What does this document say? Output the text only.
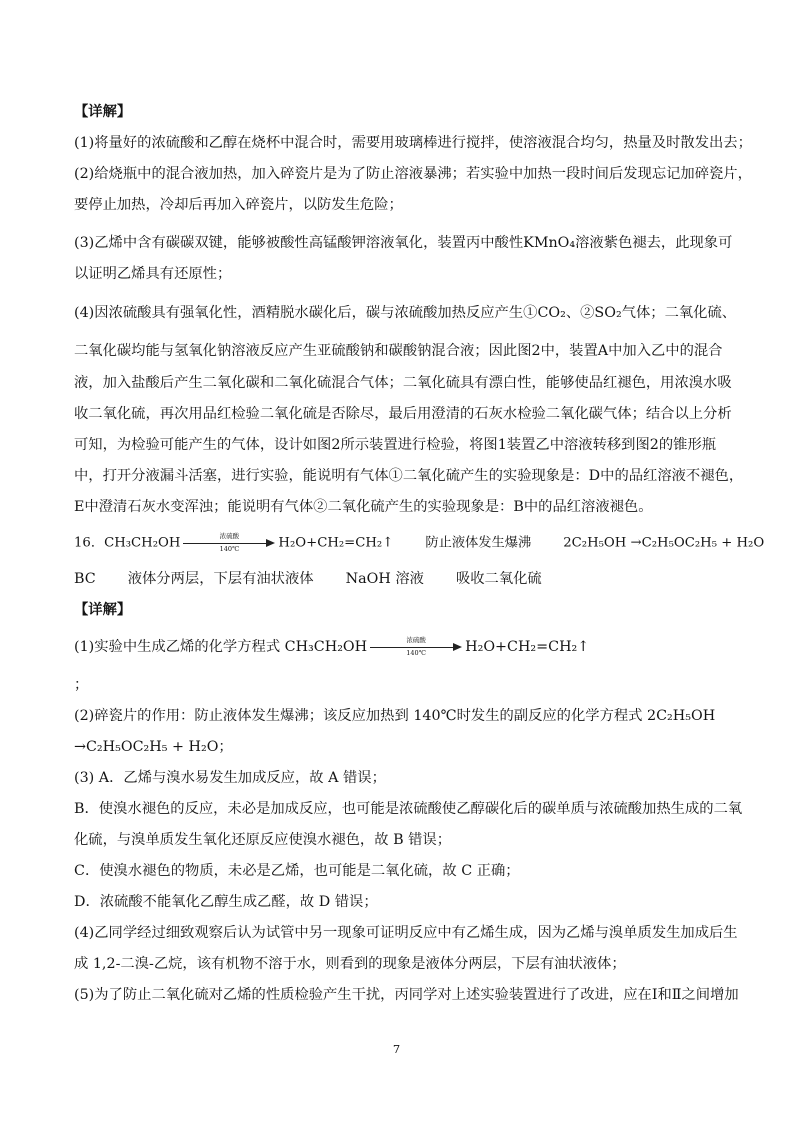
【详解】
(1)将量好的浓硫酸和乙醇在烧杯中混合时，需要用玻璃棒进行搅拌，使溶液混合均匀，热量及时散发出去；
(2)给烧瓶中的混合液加热，加入碎瓷片是为了防止溶液暴沸；若实验中加热一段时间后发现忘记加碎瓷片，
要停止加热，冷却后再加入碎瓷片，以防发生危险；
(3)乙烯中含有碳碳双键，能够被酸性高锰酸钾溶液氧化，装置丙中酸性KMnO₄溶液紫色褪去，此现象可
以证明乙烯具有还原性；
(4)因浓硫酸具有强氧化性，酒精脱水碳化后，碳与浓硫酸加热反应产生①CO₂、②SO₂气体；二氧化硫、
二氧化碳均能与氢氧化钠溶液反应产生亚硫酸钠和碳酸钠混合液；因此图2中，装置A中加入乙中的混合
液，加入盐酸后产生二氧化碳和二氧化硫混合气体；二氧化硫具有漂白性，能够使品红褪色，用浓溴水吸
收二氧化硫，再次用品红检验二氧化硫是否除尽，最后用澄清的石灰水检验二氧化碳气体；结合以上分析
可知，为检验可能产生的气体，设计如图2所示装置进行检验，将图1装置乙中溶液转移到图2的锥形瓶
中，打开分液漏斗活塞，进行实验，能说明有气体①二氧化硫产生的实验现象是：D中的品红溶液不褪色，
E中澄清石灰水变浑浊；能说明有气体②二氧化硫产生的实验现象是：B中的品红溶液褪色。
16．CH₃CH₂OH	浓硫酸
140℃	H₂O+CH₂=CH₂↑ 防止液体发生爆沸 2C₂H₅OH →C₂H₅OC₂H₅ + H₂O
BC 液体分两层，下层有油状液体 NaOH 溶液 吸收二氧化硫
【详解】
(1)实验中生成乙烯的化学方程式 CH₃CH₂OH	浓硫酸
140℃	H₂O+CH₂=CH₂↑
；
(2)碎瓷片的作用：防止液体发生爆沸；该反应加热到 140℃时发生的副反应的化学方程式 2C₂H₅OH
→C₂H₅OC₂H₅ + H₂O；
(3) A．乙烯与溴水易发生加成反应，故 A 错误；
B．使溴水褪色的反应，未必是加成反应，也可能是浓硫酸使乙醇碳化后的碳单质与浓硫酸加热生成的二氧
化硫，与溴单质发生氧化还原反应使溴水褪色，故 B 错误；
C．使溴水褪色的物质，未必是乙烯，也可能是二氧化硫，故 C 正确；
D．浓硫酸不能氧化乙醇生成乙醛，故 D 错误；
(4)乙同学经过细致观察后认为试管中另一现象可证明反应中有乙烯生成，因为乙烯与溴单质发生加成后生
成 1,2-二溴-乙烷，该有机物不溶于水，则看到的现象是液体分两层，下层有油状液体；
(5)为了防止二氧化硫对乙烯的性质检验产生干扰，丙同学对上述实验装置进行了改进，应在Ⅰ和Ⅱ之间增加
7
